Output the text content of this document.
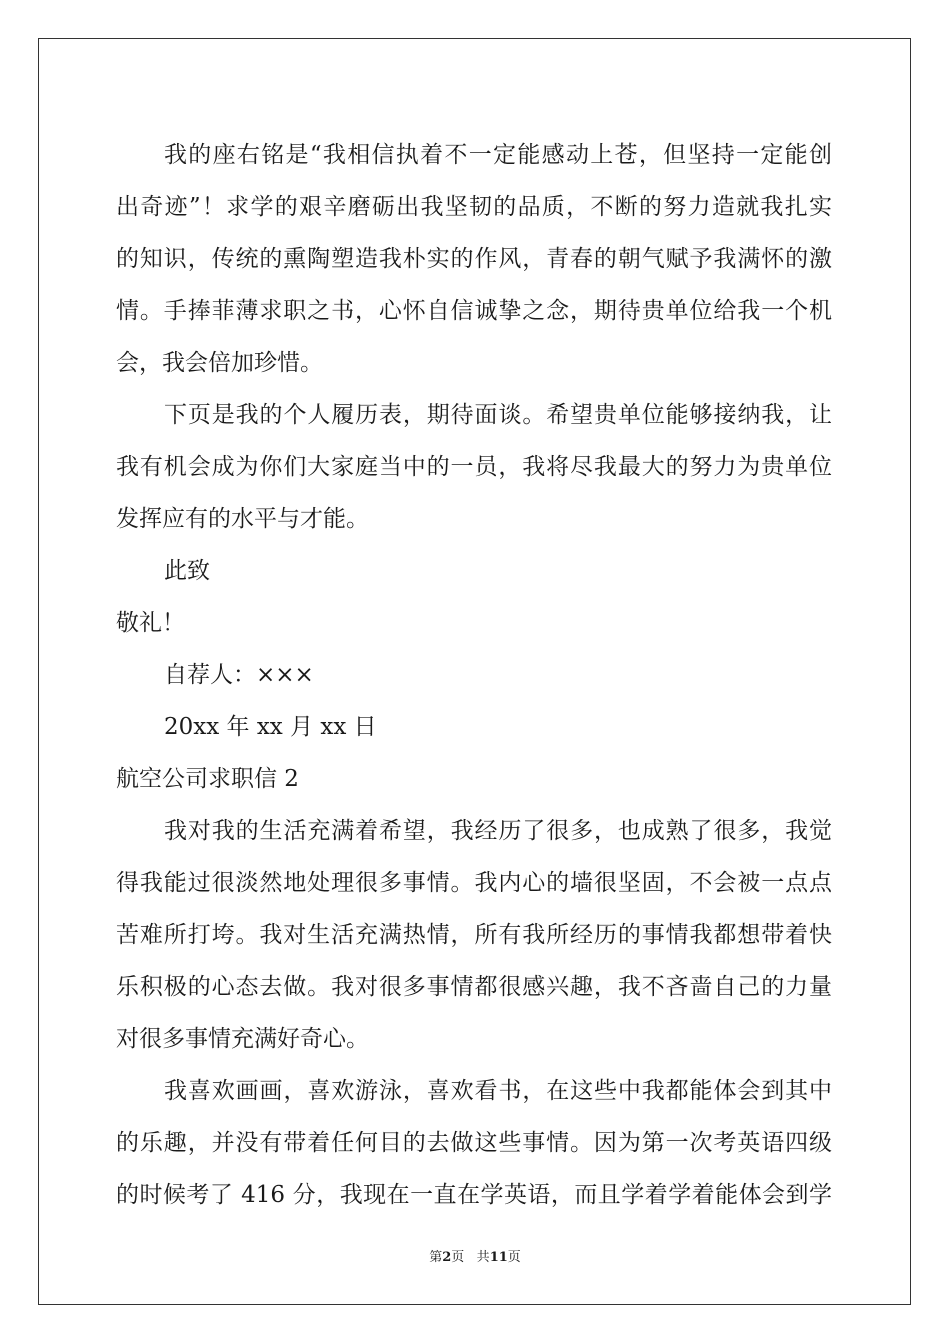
我的座右铭是“我相信执着不一定能感动上苍，但坚持一定能创
出奇迹”！求学的艰辛磨砺出我坚韧的品质，不断的努力造就我扎实
的知识，传统的熏陶塑造我朴实的作风，青春的朝气赋予我满怀的激
情。手捧菲薄求职之书，心怀自信诚挚之念，期待贵单位给我一个机
会，我会倍加珍惜。
下页是我的个人履历表，期待面谈。希望贵单位能够接纳我，让
我有机会成为你们大家庭当中的一员，我将尽我最大的努力为贵单位
发挥应有的水平与才能。
此致
敬礼！
自荐人：×××
20xx 年 xx 月 xx 日
航空公司求职信 2
我对我的生活充满着希望，我经历了很多，也成熟了很多，我觉
得我能过很淡然地处理很多事情。我内心的墙很坚固，不会被一点点
苦难所打垮。我对生活充满热情，所有我所经历的事情我都想带着快
乐积极的心态去做。我对很多事情都很感兴趣，我不吝啬自己的力量
对很多事情充满好奇心。
我喜欢画画，喜欢游泳，喜欢看书，在这些中我都能体会到其中
的乐趣，并没有带着任何目的去做这些事情。因为第一次考英语四级
的时候考了 416 分，我现在一直在学英语，而且学着学着能体会到学
第2页 共11页
